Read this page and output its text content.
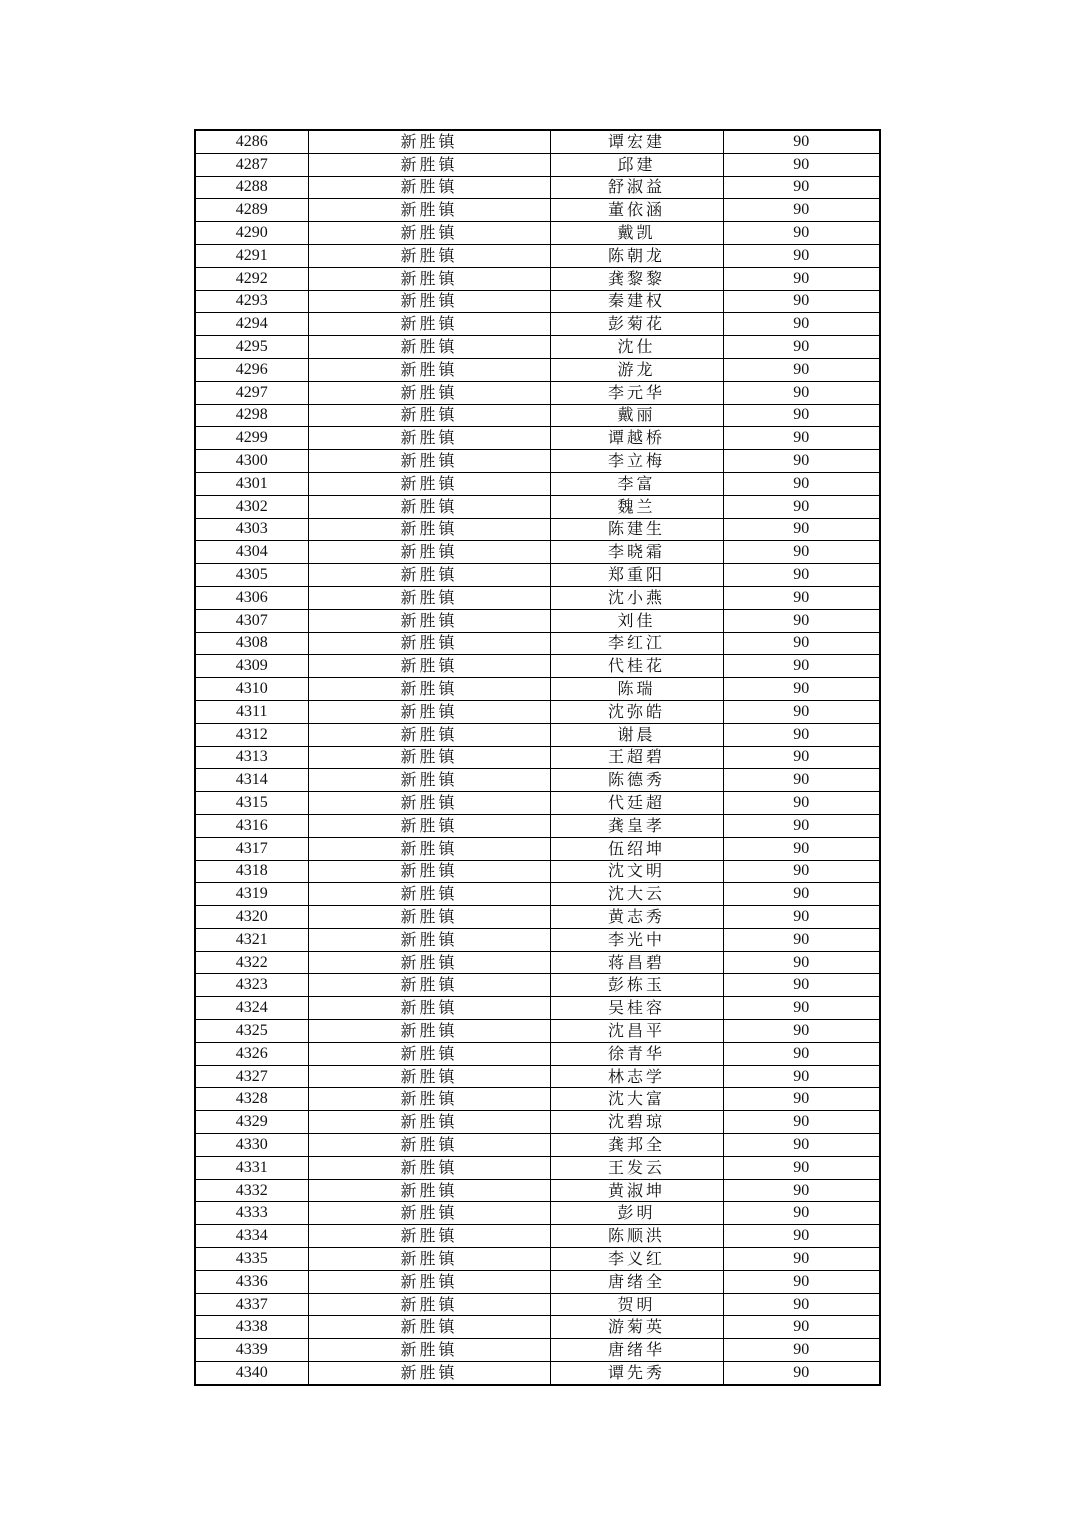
4286	新胜镇	谭宏建	90
4287	新胜镇	邱建	90
4288	新胜镇	舒淑益	90
4289	新胜镇	董依涵	90
4290	新胜镇	戴凯	90
4291	新胜镇	陈朝龙	90
4292	新胜镇	龚黎黎	90
4293	新胜镇	秦建权	90
4294	新胜镇	彭菊花	90
4295	新胜镇	沈仕	90
4296	新胜镇	游龙	90
4297	新胜镇	李元华	90
4298	新胜镇	戴丽	90
4299	新胜镇	谭越桥	90
4300	新胜镇	李立梅	90
4301	新胜镇	李富	90
4302	新胜镇	魏兰	90
4303	新胜镇	陈建生	90
4304	新胜镇	李晓霜	90
4305	新胜镇	郑重阳	90
4306	新胜镇	沈小燕	90
4307	新胜镇	刘佳	90
4308	新胜镇	李红江	90
4309	新胜镇	代桂花	90
4310	新胜镇	陈瑞	90
4311	新胜镇	沈弥皓	90
4312	新胜镇	谢晨	90
4313	新胜镇	王超碧	90
4314	新胜镇	陈德秀	90
4315	新胜镇	代廷超	90
4316	新胜镇	龚皇孝	90
4317	新胜镇	伍绍坤	90
4318	新胜镇	沈文明	90
4319	新胜镇	沈大云	90
4320	新胜镇	黄志秀	90
4321	新胜镇	李光中	90
4322	新胜镇	蒋昌碧	90
4323	新胜镇	彭栋玉	90
4324	新胜镇	吴桂容	90
4325	新胜镇	沈昌平	90
4326	新胜镇	徐青华	90
4327	新胜镇	林志学	90
4328	新胜镇	沈大富	90
4329	新胜镇	沈碧琼	90
4330	新胜镇	龚邦全	90
4331	新胜镇	王发云	90
4332	新胜镇	黄淑坤	90
4333	新胜镇	彭明	90
4334	新胜镇	陈顺洪	90
4335	新胜镇	李义红	90
4336	新胜镇	唐绪全	90
4337	新胜镇	贺明	90
4338	新胜镇	游菊英	90
4339	新胜镇	唐绪华	90
4340	新胜镇	谭先秀	90
